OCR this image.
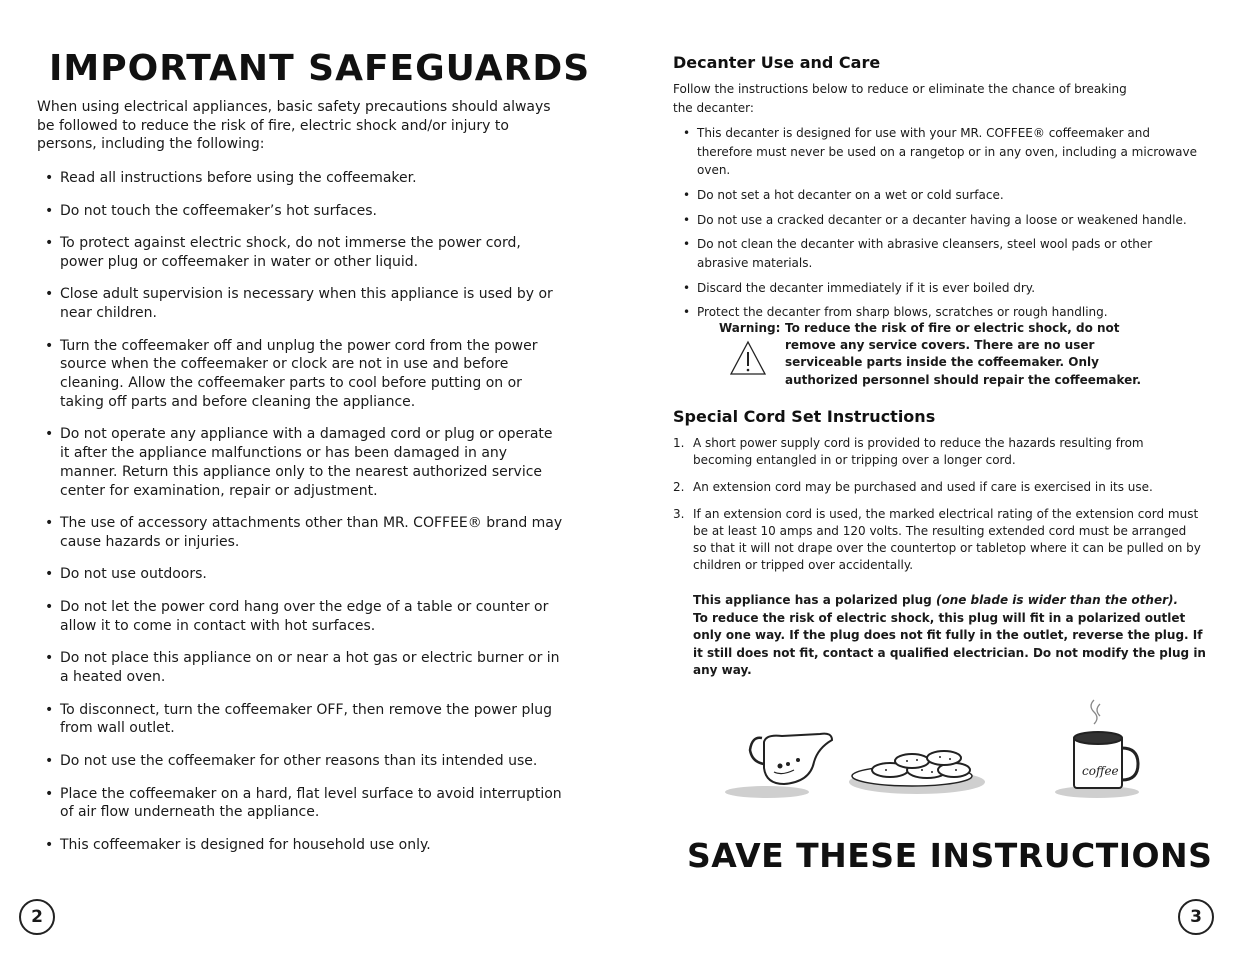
IMPORTANT SAFEGUARDS

When using electrical appliances, basic safety precautions should always be followed to reduce the risk of fire, electric shock and/or injury to persons, including the following:

• Read all instructions before using the coffeemaker.
• Do not touch the coffeemaker’s hot surfaces.
• To protect against electric shock, do not immerse the power cord, power plug or coffeemaker in water or other liquid.
• Close adult supervision is necessary when this appliance is used by or near children.
• Turn the coffeemaker off and unplug the power cord from the power source when the coffeemaker or clock are not in use and before cleaning. Allow the coffeemaker parts to cool before putting on or taking off parts and before cleaning the appliance.
• Do not operate any appliance with a damaged cord or plug or operate it after the appliance malfunctions or has been damaged in any manner. Return this appliance only to the nearest authorized service center for examination, repair or adjustment.
• The use of accessory attachments other than MR. COFFEE® brand may cause hazards or injuries.
• Do not use outdoors.
• Do not let the power cord hang over the edge of a table or counter or allow it to come in contact with hot surfaces.
• Do not place this appliance on or near a hot gas or electric burner or in a heated oven.
• To disconnect, turn the coffeemaker OFF, then remove the power plug from wall outlet.
• Do not use the coffeemaker for other reasons than its intended use.
• Place the coffeemaker on a hard, flat level surface to avoid interruption of air flow underneath the appliance.
• This coffeemaker is designed for household use only.
2
Decanter Use and Care

Follow the instructions below to reduce or eliminate the chance of breaking the decanter:

• This decanter is designed for use with your MR. COFFEE® coffeemaker and therefore must never be used on a rangetop or in any oven, including a microwave oven.
• Do not set a hot decanter on a wet or cold surface.
• Do not use a cracked decanter or a decanter having a loose or weakened handle.
• Do not clean the decanter with abrasive cleansers, steel wool pads or other abrasive materials.
• Discard the decanter immediately if it is ever boiled dry.
• Protect the decanter from sharp blows, scratches or rough handling.
Warning: To reduce the risk of fire or electric shock, do not remove any service covers. There are no user serviceable parts inside the coffeemaker. Only authorized personnel should repair the coffeemaker.
Special Cord Set Instructions
1. A short power supply cord is provided to reduce the hazards resulting from becoming entangled in or tripping over a longer cord.
2. An extension cord may be purchased and used if care is exercised in its use.
3. If an extension cord is used, the marked electrical rating of the extension cord must be at least 10 amps and 120 volts. The resulting extended cord must be arranged so that it will not drape over the countertop or tabletop where it can be pulled on by children or tripped over accidentally.
This appliance has a polarized plug (one blade is wider than the other).
To reduce the risk of electric shock, this plug will fit in a polarized outlet only one way. If the plug does not fit fully in the outlet, reverse the plug. If it still does not fit, contact a qualified electrician. Do not modify the plug in any way.
coffee
SAVE THESE INSTRUCTIONS
3
